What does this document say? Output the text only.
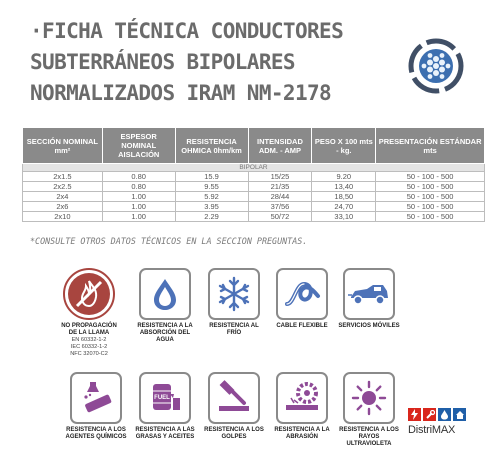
·FICHA TÉCNICA CONDUCTORES
SUBTERRÁNEOS BIPOLARES
NORMALIZADOS IRAM NM-2178
SECCIÓN NOMINAL mm²	ESPESOR NOMINAL AISLACIÓN	RESISTENCIA OHMICA 0hm/km	INTENSIDAD ADM. - AMP	PESO X 100 mts - kg.	PRESENTACIÓN ESTÁNDAR mts
BIPOLAR					
2x1.5	0.80	15.9	15/25	9.20	50 - 100 - 500
2x2.5	0.80	9.55	21/35	13,40	50 - 100 - 500
2x4	1.00	5.92	28/44	18,50	50 - 100 - 500
2x6	1.00	3.95	37/56	24,70	50 - 100 - 500
2x10	1.00	2.29	50/72	33,10	50 - 100 - 500
*CONSULTE OTROS DATOS TÉCNICOS EN LA SECCION PREGUNTAS.
NO PROPAGACIÓN DE LA LLAMA
EN 60332-1-2
IEC 60332-1-2
NFC 32070-C2
RESISTENCIA A LA ABSORCIÓN DEL AGUA
RESISTENCIA AL FRÍO
CABLE FLEXIBLE	SERVICIOS MÓVILES
RESISTENCIA A LOS AGENTES QUÍMICOS
FUEL
RESISTENCIA A LAS GRASAS Y ACEITES
RESISTENCIA A LOS GOLPES
RESISTENCIA A LA ABRASIÓN
RESISTENCIA A LOS RAYOS ULTRAVIOLETA
DistriMAX
